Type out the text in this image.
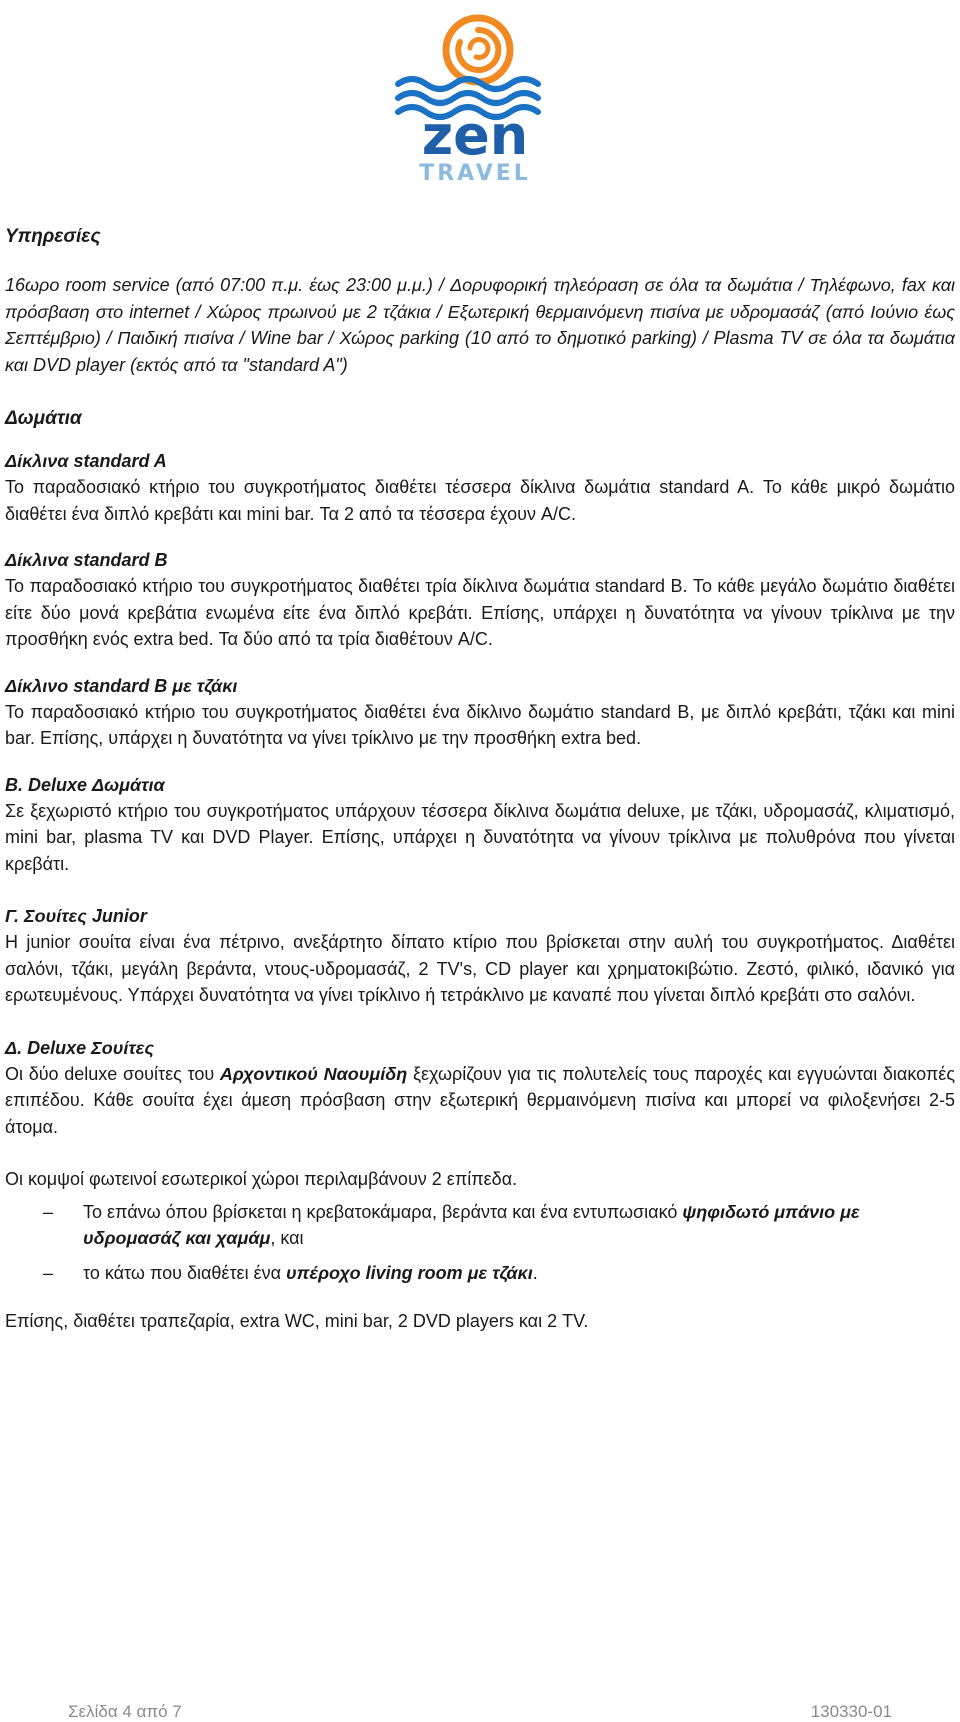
zen
TRAVEL
Υπηρεσίες

16ωρο room service (από 07:00 π.μ. έως 23:00 μ.μ.) / Δορυφορική τηλεόραση σε όλα τα δωμάτια / Τηλέφωνο, fax και πρόσβαση στο internet / Χώρος πρωινού με 2 τζάκια / Εξωτερική θερμαινόμενη πισίνα με υδρομασάζ (από Ιούνιο έως Σεπτέμβριο) / Παιδική πισίνα / Wine bar / Χώρος parking (10 από το δημοτικό parking) / Plasma TV σε όλα τα δωμάτια και DVD player (εκτός από τα "standard A")

Δωμάτια
Δίκλινα standard A

Το παραδοσιακό κτήριο του συγκροτήματος διαθέτει τέσσερα δίκλινα δωμάτια standard A. Το κάθε μικρό δωμάτιο διαθέτει ένα διπλό κρεβάτι και mini bar. Τα 2 από τα τέσσερα έχουν A/C.

Δίκλινα standard B

Το παραδοσιακό κτήριο του συγκροτήματος διαθέτει τρία δίκλινα δωμάτια standard B. Το κάθε μεγάλο δωμάτιο διαθέτει είτε δύο μονά κρεβάτια ενωμένα είτε ένα διπλό κρεβάτι. Επίσης, υπάρχει η δυνατότητα να γίνουν τρίκλινα με την προσθήκη ενός extra bed. Τα δύο από τα τρία διαθέτουν A/C.

Δίκλινο standard B με τζάκι

Το παραδοσιακό κτήριο του συγκροτήματος διαθέτει ένα δίκλινο δωμάτιο standard B, με διπλό κρεβάτι, τζάκι και mini bar. Επίσης, υπάρχει η δυνατότητα να γίνει τρίκλινο με την προσθήκη extra bed.

B. Deluxe Δωμάτια

Σε ξεχωριστό κτήριο του συγκροτήματος υπάρχουν τέσσερα δίκλινα δωμάτια deluxe, με τζάκι, υδρομασάζ, κλιματισμό, mini bar, plasma TV και DVD Player. Επίσης, υπάρχει η δυνατότητα να γίνουν τρίκλινα με πολυθρόνα που γίνεται κρεβάτι.

Γ. Σουίτες Junior

Η junior σουίτα είναι ένα πέτρινο, ανεξάρτητο δίπατο κτίριο που βρίσκεται στην αυλή του συγκροτήματος. Διαθέτει σαλόνι, τζάκι, μεγάλη βεράντα, ντους-υδρομασάζ, 2 TV's, CD player και χρηματοκιβώτιο. Ζεστό, φιλικό, ιδανικό για ερωτευμένους. Υπάρχει δυνατότητα να γίνει τρίκλινο ή τετράκλινο με καναπέ που γίνεται διπλό κρεβάτι στο σαλόνι.

Δ. Deluxe Σουίτες

Οι δύο deluxe σουίτες του Αρχοντικού Ναουμίδη ξεχωρίζουν για τις πολυτελείς τους παροχές και εγγυώνται διακοπές επιπέδου. Κάθε σουίτα έχει άμεση πρόσβαση στην εξωτερική θερμαινόμενη πισίνα και μπορεί να φιλοξενήσει 2-5 άτομα.

Οι κομψοί φωτεινοί εσωτερικοί χώροι περιλαμβάνουν 2 επίπεδα.

– Το επάνω όπου βρίσκεται η κρεβατοκάμαρα, βεράντα και ένα εντυπωσιακό ψηφιδωτό μπάνιο με υδρομασάζ και χαμάμ, και
– το κάτω που διαθέτει ένα υπέροχο living room με τζάκι.

Επίσης, διαθέτει τραπεζαρία, extra WC, mini bar, 2 DVD players και 2 TV.

Σελίδα 4 από 7	130330-01
